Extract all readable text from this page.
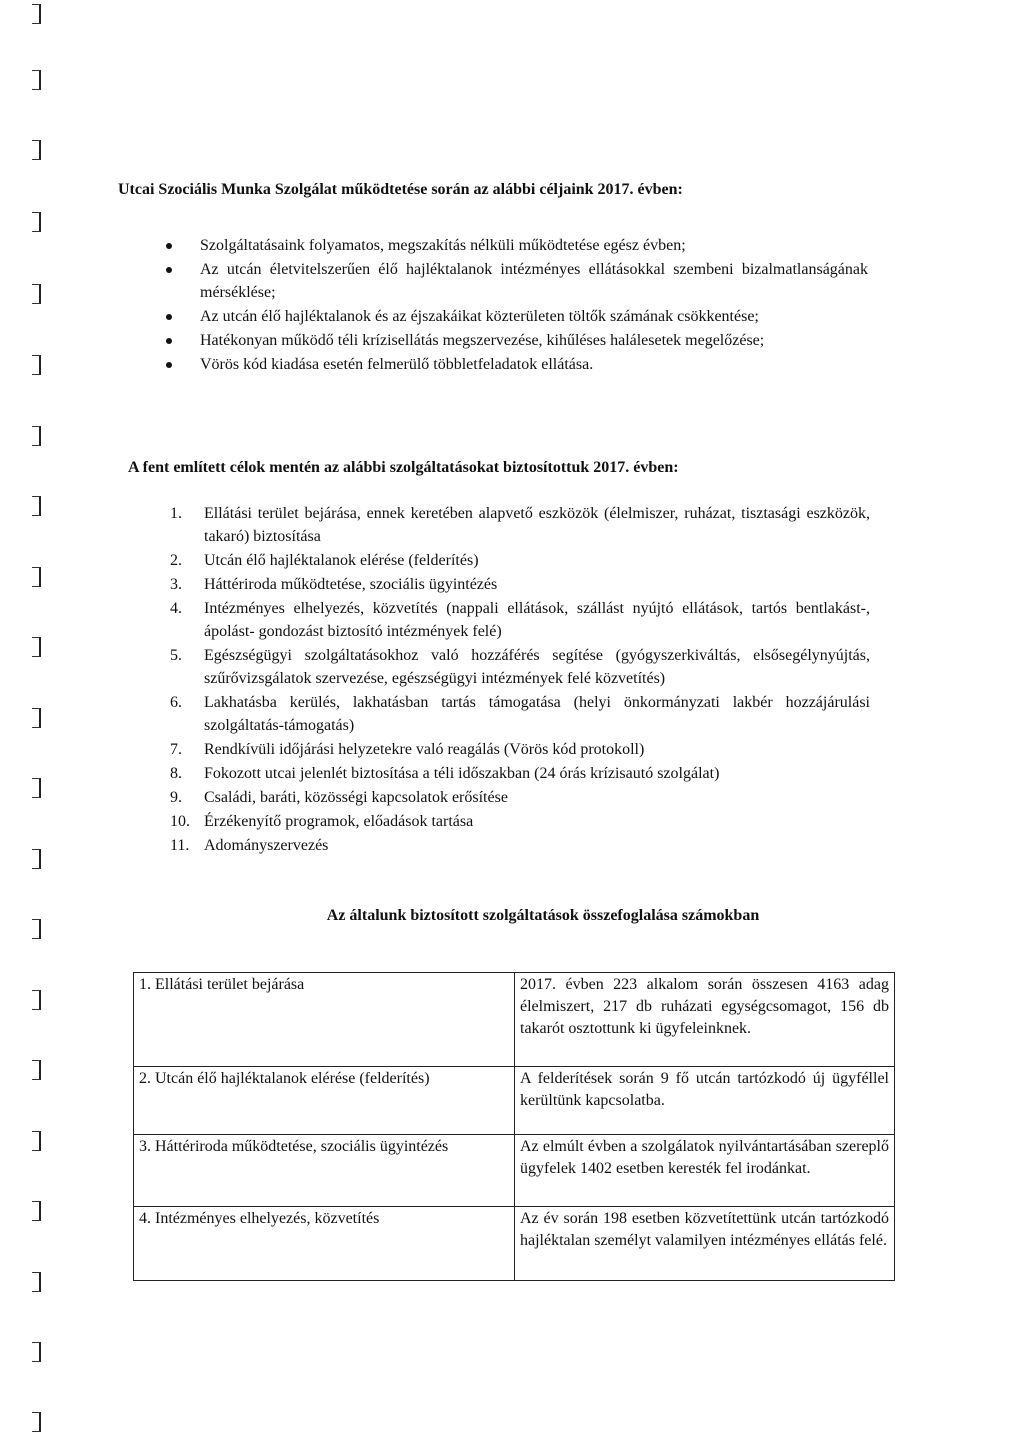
Utcai Szociális Munka Szolgálat működtetése során az alábbi céljaink 2017. évben:

Szolgáltatásaink folyamatos, megszakítás nélküli működtetése egész évben;
Az utcán életvitelszerűen élő hajléktalanok intézményes ellátásokkal szembeni bizalmatlanságának mérséklése;
Az utcán élő hajléktalanok és az éjszakáikat közterületen töltők számának csökkentése;
Hatékonyan működő téli krízisellátás megszervezése, kihűléses halálesetek megelőzése;
Vörös kód kiadása esetén felmerülő többletfeladatok ellátása.

A fent említett célok mentén az alábbi szolgáltatásokat biztosítottuk 2017. évben:

1.	Ellátási terület bejárása, ennek keretében alapvető eszközök (élelmiszer, ruházat, tisztasági eszközök, takaró) biztosítása
2.	Utcán élő hajléktalanok elérése (felderítés)
3.	Háttériroda működtetése, szociális ügyintézés
4.	Intézményes elhelyezés, közvetítés (nappali ellátások, szállást nyújtó ellátások, tartós bentlakást-, ápolást- gondozást biztosító intézmények felé)
5.	Egészségügyi szolgáltatásokhoz való hozzáférés segítése (gyógyszerkiváltás, elsősegélynyújtás, szűrővizsgálatok szervezése, egészségügyi intézmények felé közvetítés)
6.	Lakhatásba kerülés, lakhatásban tartás támogatása (helyi önkormányzati lakbér hozzájárulási szolgáltatás-támogatás)
7.	Rendkívüli időjárási helyzetekre való reagálás (Vörös kód protokoll)
8.	Fokozott utcai jelenlét biztosítása a téli időszakban (24 órás krízisautó szolgálat)
9.	Családi, baráti, közösségi kapcsolatok erősítése
10. Érzékenyítő programok, előadások tartása
11. Adományszervezés

Az általunk biztosított szolgáltatások összefoglalása számokban

1. Ellátási terület bejárása	2017. évben 223 alkalom során összesen 4163 adag élelmiszert, 217 db ruházati egységcsomagot, 156 db takarót osztottunk ki ügyfeleinknek.
2. Utcán élő hajléktalanok elérése (felderítés)	A felderítések során 9 fő utcán tartózkodó új ügyféllel kerültünk kapcsolatba.
3. Háttériroda működtetése, szociális ügyintézés	Az elmúlt évben a szolgálatok nyilvántartásában szereplő ügyfelek 1402 esetben keresték fel irodánkat.
4. Intézményes elhelyezés, közvetítés	Az év során 198 esetben közvetítettünk utcán tartózkodó hajléktalan személyt valamilyen intézményes ellátás felé.
